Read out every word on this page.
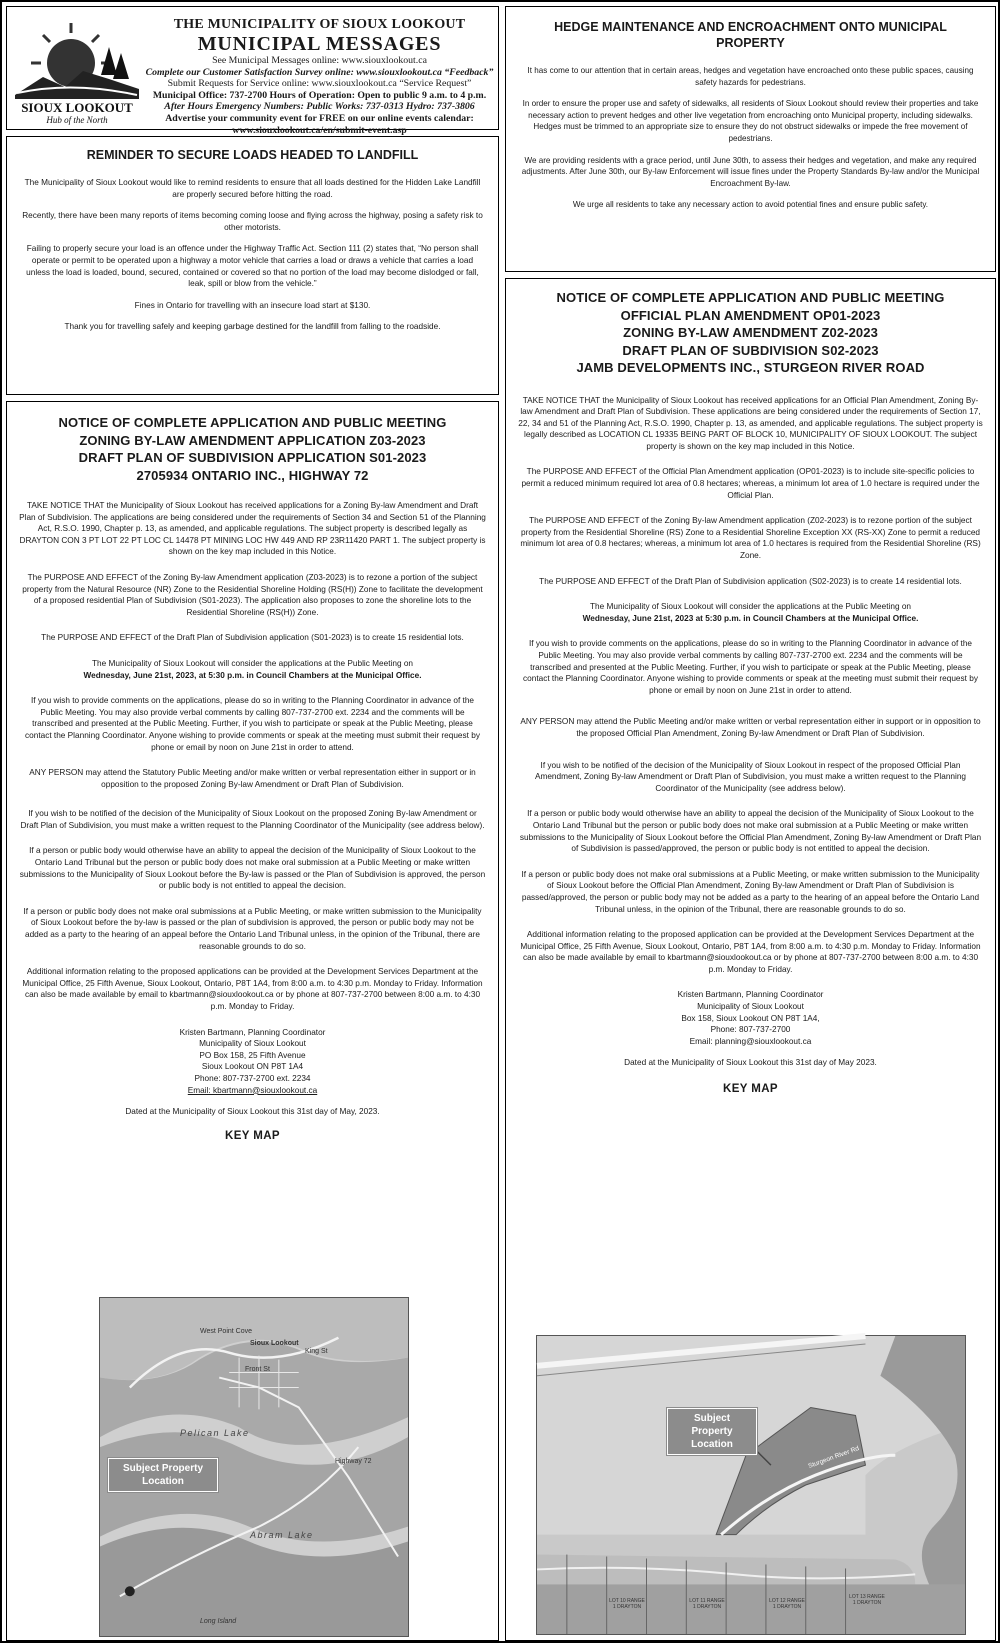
SIOUX LOOKOUT
Hub of the North
THE MUNICIPALITY OF SIOUX LOOKOUT
MUNICIPAL MESSAGES
See Municipal Messages online: www.siouxlookout.ca
Complete our Customer Satisfaction Survey online: www.siouxlookout.ca “Feedback”
Submit Requests for Service online: www.siouxlookout.ca “Service Request”
Municipal Office: 737-2700 Hours of Operation: Open to public 9 a.m. to 4 p.m.
After Hours Emergency Numbers: Public Works: 737-0313 Hydro: 737-3806
Advertise your community event for FREE on our online events calendar:
www.siouxlookout.ca/en/submit-event.asp
HEDGE MAINTENANCE AND ENCROACHMENT ONTO MUNICIPAL PROPERTY

It has come to our attention that in certain areas, hedges and vegetation have encroached onto these public spaces, causing safety hazards for pedestrians.

In order to ensure the proper use and safety of sidewalks, all residents of Sioux Lookout should review their properties and take necessary action to prevent hedges and other live vegetation from encroaching onto Municipal property, including sidewalks. Hedges must be trimmed to an appropriate size to ensure they do not obstruct sidewalks or impede the free movement of pedestrians.

We are providing residents with a grace period, until June 30th, to assess their hedges and vegetation, and make any required adjustments. After June 30th, our By-law Enforcement will issue fines under the Property Standards By-law and/or the Municipal Encroachment By-law.

We urge all residents to take any necessary action to avoid potential fines and ensure public safety.

REMINDER TO SECURE LOADS HEADED TO LANDFILL

The Municipality of Sioux Lookout would like to remind residents to ensure that all loads destined for the Hidden Lake Landfill are properly secured before hitting the road.

Recently, there have been many reports of items becoming coming loose and flying across the highway, posing a safety risk to other motorists.

Failing to properly secure your load is an offence under the Highway Traffic Act. Section 111 (2) states that, “No person shall operate or permit to be operated upon a highway a motor vehicle that carries a load or draws a vehicle that carries a load unless the load is loaded, bound, secured, contained or covered so that no portion of the load may become dislodged or fall, leak, spill or blow from the vehicle.”

Fines in Ontario for travelling with an insecure load start at $130.

Thank you for travelling safely and keeping garbage destined for the landfill from falling to the roadside.

NOTICE OF COMPLETE APPLICATION AND PUBLIC MEETING
ZONING BY-LAW AMENDMENT APPLICATION Z03-2023
DRAFT PLAN OF SUBDIVISION APPLICATION S01-2023
2705934 ONTARIO INC., HIGHWAY 72

TAKE NOTICE THAT the Municipality of Sioux Lookout has received applications for a Zoning By-law Amendment and Draft Plan of Subdivision. The applications are being considered under the requirements of Section 34 and Section 51 of the Planning Act, R.S.O. 1990, Chapter p. 13, as amended, and applicable regulations. The subject property is described legally as DRAYTON CON 3 PT LOT 22 PT LOC CL 14478 PT MINING LOC HW 449 AND RP 23R11420 PART 1. The subject property is shown on the key map included in this Notice.

The PURPOSE AND EFFECT of the Zoning By-law Amendment application (Z03-2023) is to rezone a portion of the subject property from the Natural Resource (NR) Zone to the Residential Shoreline Holding (RS(H)) Zone to facilitate the development of a proposed residential Plan of Subdivision (S01-2023). The application also proposes to zone the shoreline lots to the Residential Shoreline (RS(H)) Zone.

The PURPOSE AND EFFECT of the Draft Plan of Subdivision application (S01-2023) is to create 15 residential lots.

The Municipality of Sioux Lookout will consider the applications at the Public Meeting on
Wednesday, June 21st, 2023, at 5:30 p.m. in Council Chambers at the Municipal Office.

If you wish to provide comments on the applications, please do so in writing to the Planning Coordinator in advance of the Public Meeting. You may also provide verbal comments by calling 807-737-2700 ext. 2234 and the comments will be transcribed and presented at the Public Meeting. Further, if you wish to participate or speak at the Public Meeting, please contact the Planning Coordinator. Anyone wishing to provide comments or speak at the meeting must submit their request by phone or email by noon on June 21st in order to attend.

ANY PERSON may attend the Statutory Public Meeting and/or make written or verbal representation either in support or in opposition to the proposed Zoning By-law Amendment or Draft Plan of Subdivision.

If you wish to be notified of the decision of the Municipality of Sioux Lookout on the proposed Zoning By-law Amendment or Draft Plan of Subdivision, you must make a written request to the Planning Coordinator of the Municipality (see address below).

If a person or public body would otherwise have an ability to appeal the decision of the Municipality of Sioux Lookout to the Ontario Land Tribunal but the person or public body does not make oral submission at a Public Meeting or make written submissions to the Municipality of Sioux Lookout before the By-law is passed or the Plan of Subdivision is approved, the person or public body is not entitled to appeal the decision.

If a person or public body does not make oral submissions at a Public Meeting, or make written submission to the Municipality of Sioux Lookout before the by-law is passed or the plan of subdivision is approved, the person or public body may not be added as a party to the hearing of an appeal before the Ontario Land Tribunal unless, in the opinion of the Tribunal, there are reasonable grounds to do so.

Additional information relating to the proposed applications can be provided at the Development Services Department at the Municipal Office, 25 Fifth Avenue, Sioux Lookout, Ontario, P8T 1A4, from 8:00 a.m. to 4:30 p.m. Monday to Friday. Information can also be made available by email to kbartmann@siouxlookout.ca or by phone at 807-737-2700 between 8:00 a.m. to 4:30 p.m. Monday to Friday.

Kristen Bartmann, Planning Coordinator
Municipality of Sioux Lookout
PO Box 158, 25 Fifth Avenue
Sioux Lookout ON P8T 1A4
Phone: 807-737-2700 ext. 2234
Email: kbartmann@siouxlookout.ca

Dated at the Municipality of Sioux Lookout this 31st day of May, 2023.

KEY MAP
Subject Property Location
Sioux Lookout
Pelican Lake
Abram Lake
West Point Cove
King St
Front St
Long Island
Highway 72
NOTICE OF COMPLETE APPLICATION AND PUBLIC MEETING
OFFICIAL PLAN AMENDMENT OP01-2023
ZONING BY-LAW AMENDMENT Z02-2023
DRAFT PLAN OF SUBDIVISION S02-2023
JAMB DEVELOPMENTS INC., STURGEON RIVER ROAD

TAKE NOTICE THAT the Municipality of Sioux Lookout has received applications for an Official Plan Amendment, Zoning By-law Amendment and Draft Plan of Subdivision. These applications are being considered under the requirements of Section 17, 22, 34 and 51 of the Planning Act, R.S.O. 1990, Chapter p. 13, as amended, and applicable regulations. The subject property is legally described as LOCATION CL 19335 BEING PART OF BLOCK 10, MUNICIPALITY OF SIOUX LOOKOUT. The subject property is shown on the key map included in this Notice.

The PURPOSE AND EFFECT of the Official Plan Amendment application (OP01-2023) is to include site-specific policies to permit a reduced minimum required lot area of 0.8 hectares; whereas, a minimum lot area of 1.0 hectare is required under the Official Plan.

The PURPOSE AND EFFECT of the Zoning By-law Amendment application (Z02-2023) is to rezone portion of the subject property from the Residential Shoreline (RS) Zone to a Residential Shoreline Exception XX (RS-XX) Zone to permit a reduced minimum lot area of 0.8 hectares; whereas, a minimum lot area of 1.0 hectares is required from the Residential Shoreline (RS) Zone.

The PURPOSE AND EFFECT of the Draft Plan of Subdivision application (S02-2023) is to create 14 residential lots.

The Municipality of Sioux Lookout will consider the applications at the Public Meeting on
Wednesday, June 21st, 2023 at 5:30 p.m. in Council Chambers at the Municipal Office.

If you wish to provide comments on the applications, please do so in writing to the Planning Coordinator in advance of the Public Meeting. You may also provide verbal comments by calling 807-737-2700 ext. 2234 and the comments will be transcribed and presented at the Public Meeting. Further, if you wish to participate or speak at the Public Meeting, please contact the Planning Coordinator. Anyone wishing to provide comments or speak at the meeting must submit their request by phone or email by noon on June 21st in order to attend.

ANY PERSON may attend the Public Meeting and/or make written or verbal representation either in support or in opposition to the proposed Official Plan Amendment, Zoning By-law Amendment or Draft Plan of Subdivision.

If you wish to be notified of the decision of the Municipality of Sioux Lookout in respect of the proposed Official Plan Amendment, Zoning By-law Amendment or Draft Plan of Subdivision, you must make a written request to the Planning Coordinator of the Municipality (see address below).

If a person or public body would otherwise have an ability to appeal the decision of the Municipality of Sioux Lookout to the Ontario Land Tribunal but the person or public body does not make oral submission at a Public Meeting or make written submissions to the Municipality of Sioux Lookout before the Official Plan Amendment, Zoning By-law Amendment or Draft Plan of Subdivision is passed/approved, the person or public body is not entitled to appeal the decision.

If a person or public body does not make oral submissions at a Public Meeting, or make written submission to the Municipality of Sioux Lookout before the Official Plan Amendment, Zoning By-law Amendment or Draft Plan of Subdivision is passed/approved, the person or public body may not be added as a party to the hearing of an appeal before the Ontario Land Tribunal unless, in the opinion of the Tribunal, there are reasonable grounds to do so.

Additional information relating to the proposed application can be provided at the Development Services Department at the Municipal Office, 25 Fifth Avenue, Sioux Lookout, Ontario, P8T 1A4, from 8:00 a.m. to 4:30 p.m. Monday to Friday. Information can also be made available by email to kbartmann@siouxlookout.ca or by phone at 807-737-2700 between 8:00 a.m. to 4:30 p.m. Monday to Friday.

Kristen Bartmann, Planning Coordinator
Municipality of Sioux Lookout
Box 158, Sioux Lookout ON P8T 1A4,
Phone: 807-737-2700
Email: planning@siouxlookout.ca

Dated at the Municipality of Sioux Lookout this 31st day of May 2023.

KEY MAP
Subject Property Location
Sturgeon River Rd
LOT 10 RANGE 1 DRAYTON
LOT 11 RANGE 1 DRAYTON
LOT 12 RANGE 1 DRAYTON
LOT 13 RANGE 1 DRAYTON
